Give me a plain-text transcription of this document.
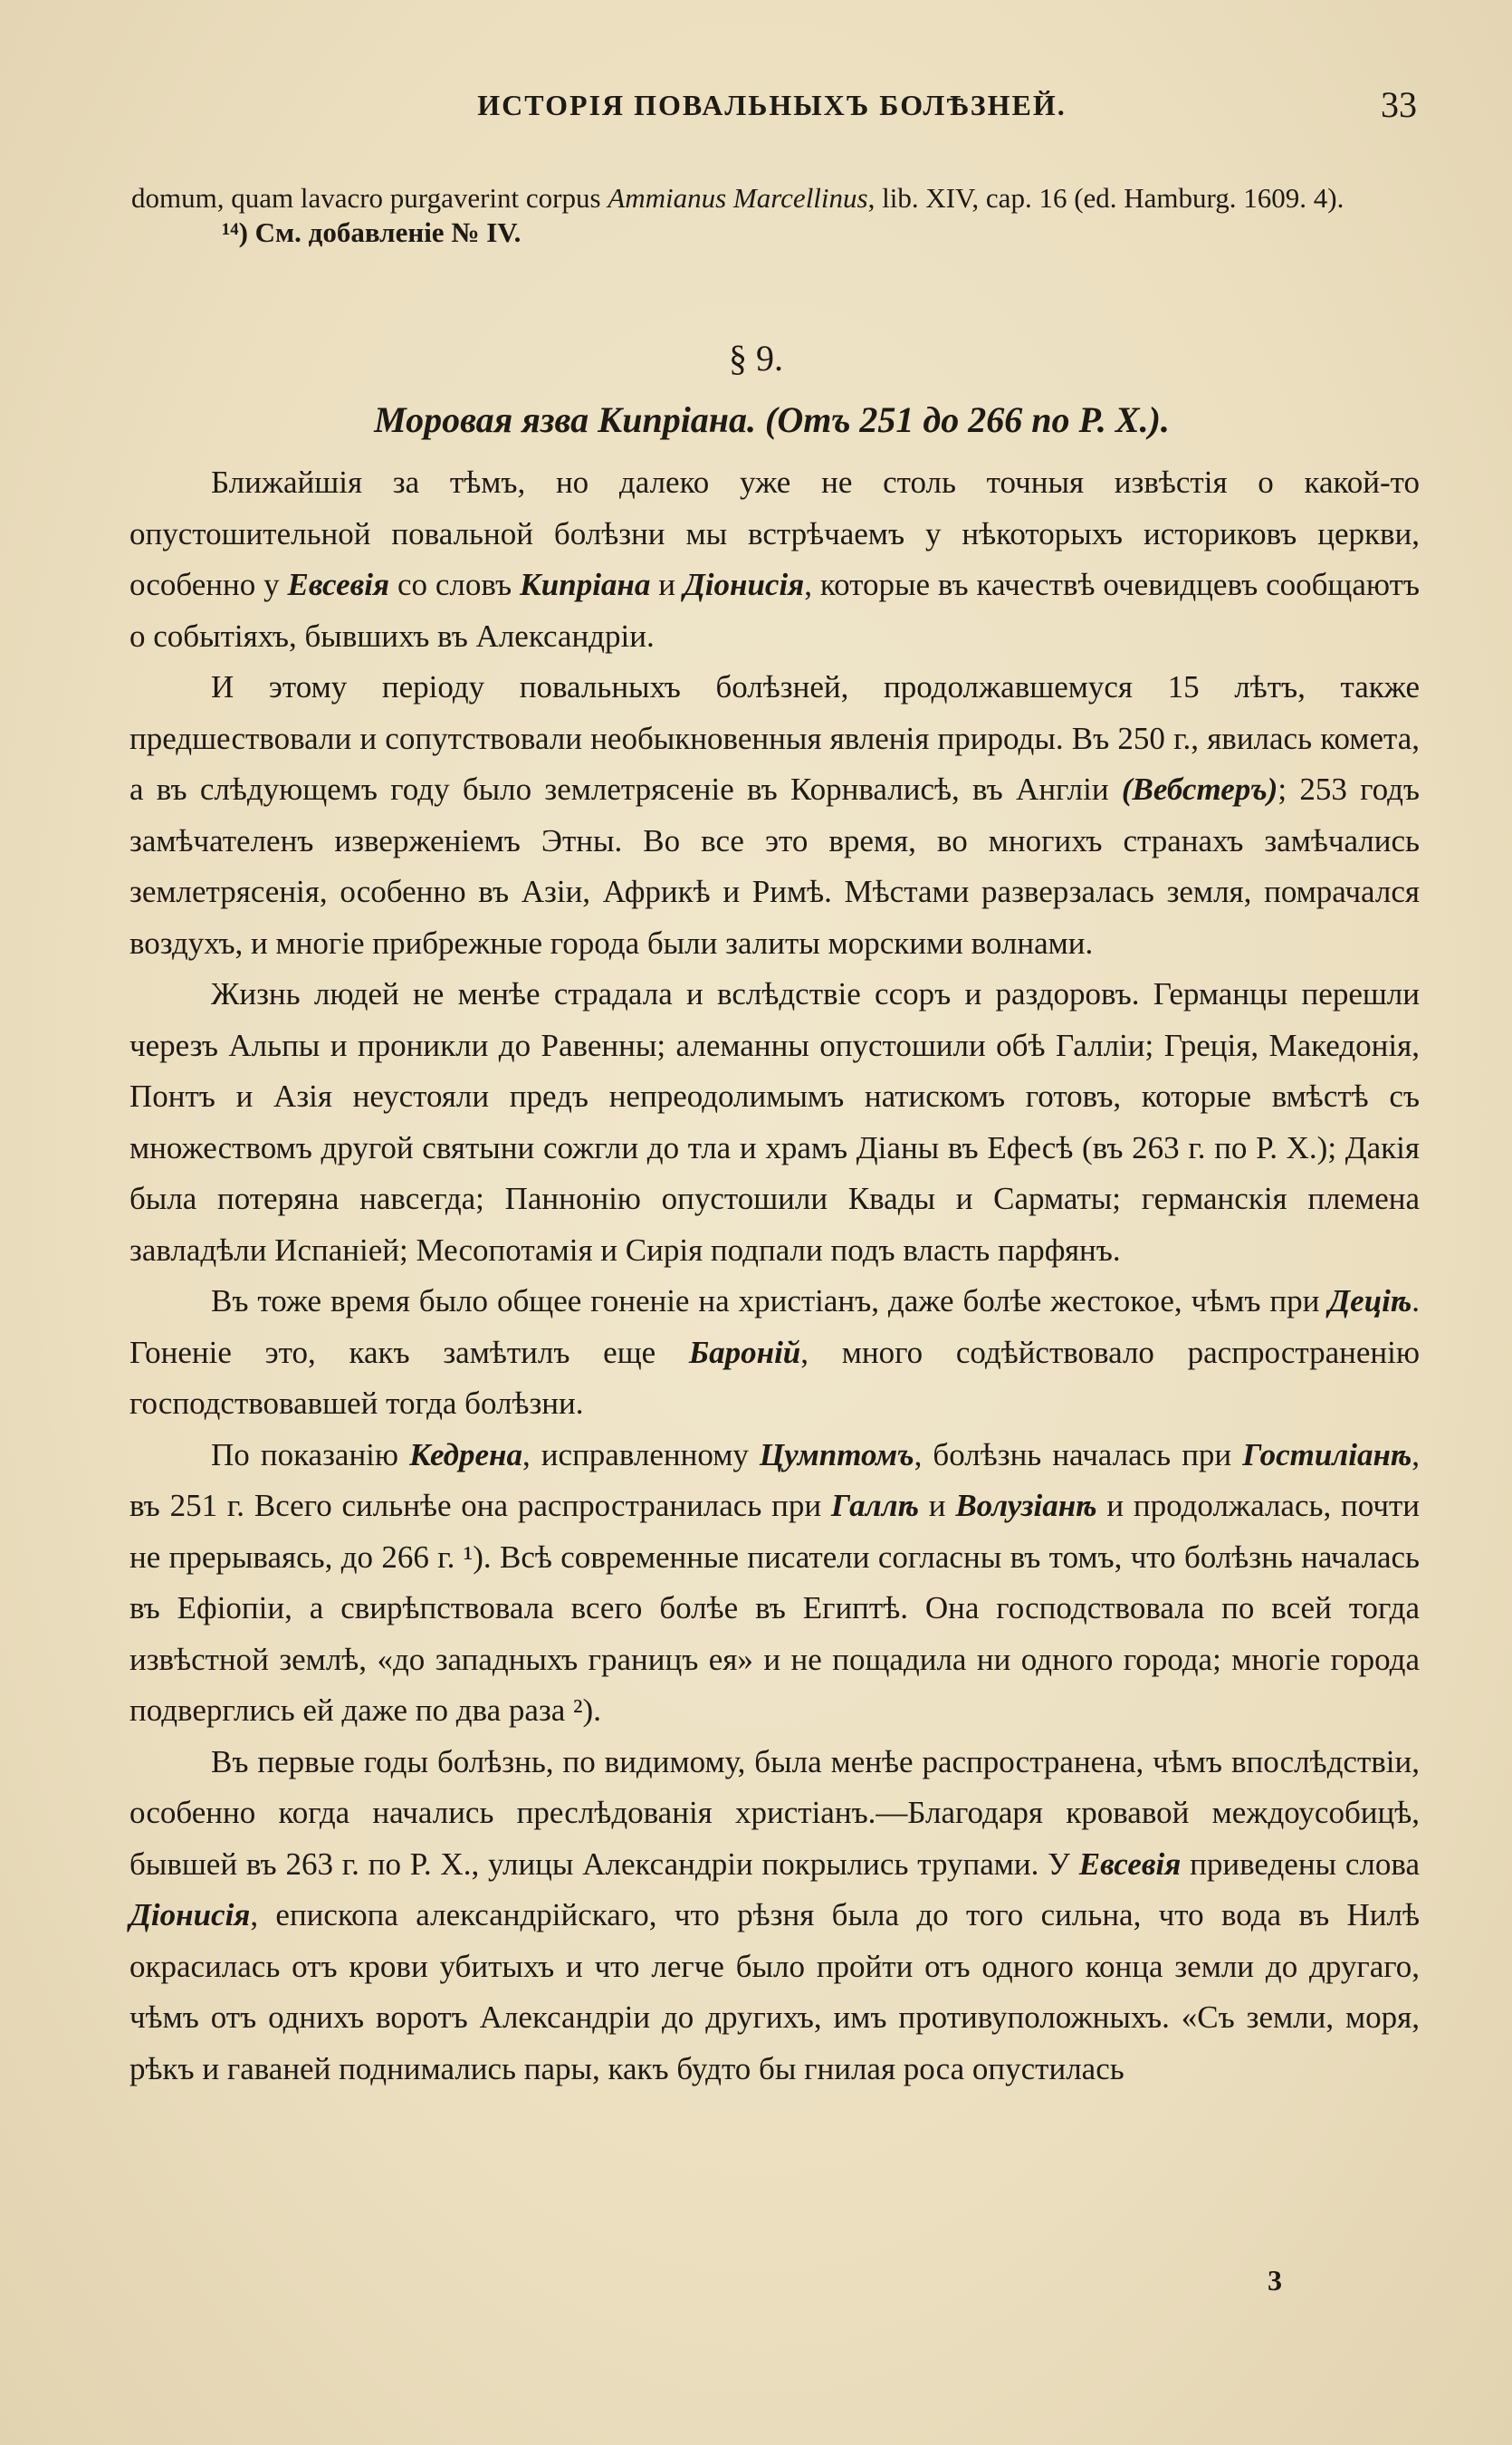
ИСТОРІЯ ПОВАЛЬНЫХЪ БОЛѢЗНЕЙ.	33

domum, quam lavacro purgaverint corpus Ammianus Marcellinus, lib. XIV, cap. 16 (ed. Hamburg. 1609. 4).

¹⁴) См. добавленіе № IV.

§ 9.
Моровая язва Кипріана. (Отъ 251 до 266 по Р. Х.).

Ближайшія за тѣмъ, но далеко уже не столь точныя извѣстія о какой-то опустошительной повальной болѣзни мы встрѣчаемъ у нѣкоторыхъ историковъ церкви, особенно у Евсевія со словъ Кипріана и Діонисія, которые въ качествѣ очевидцевъ сообщаютъ о событіяхъ, бывшихъ въ Александріи.

И этому періоду повальныхъ болѣзней, продолжавшемуся 15 лѣтъ, также предшествовали и сопутствовали необыкновенныя явленія природы. Въ 250 г., явилась комета, а въ слѣдующемъ году было землетрясеніе въ Корнвалисѣ, въ Англіи (Вебстеръ); 253 годъ замѣчателенъ изверженіемъ Этны. Во все это время, во многихъ странахъ замѣчались землетрясенія, особенно въ Азіи, Африкѣ и Римѣ. Мѣстами разверзалась земля, помрачался воздухъ, и многіе прибрежные города были залиты морскими волнами.

Жизнь людей не менѣе страдала и вслѣдствіе ссоръ и раздоровъ. Германцы перешли черезъ Альпы и проникли до Равенны; алеманны опустошили обѣ Галліи; Греція, Македонія, Понтъ и Азія неустояли предъ непреодолимымъ натискомъ готовъ, которые вмѣстѣ съ множествомъ другой святыни сожгли до тла и храмъ Діаны въ Ефесѣ (въ 263 г. по Р. Х.); Дакія была потеряна навсегда; Паннонію опустошили Квады и Сарматы; германскія племена завладѣли Испаніей; Месопотамія и Сирія подпали подъ власть парфянъ.

Въ тоже время было общее гоненіе на христіанъ, даже болѣе жестокое, чѣмъ при Деціѣ. Гоненіе это, какъ замѣтилъ еще Бароній, много содѣйствовало распространенію господствовавшей тогда болѣзни.

По показанію Кедрена, исправленному Цумптомъ, болѣзнь началась при Гостиліанѣ, въ 251 г. Всего сильнѣе она распространилась при Галлѣ и Волузіанѣ и продолжалась, почти не прерываясь, до 266 г. ¹). Всѣ современные писатели согласны въ томъ, что болѣзнь началась въ Ефіопіи, а свирѣпствовала всего болѣе въ Египтѣ. Она господствовала по всей тогда извѣстной землѣ, «до западныхъ границъ ея» и не пощадила ни одного города; многіе города подверглись ей даже по два раза ²).

Въ первые годы болѣзнь, по видимому, была менѣе распространена, чѣмъ впослѣдствіи, особенно когда начались преслѣдованія христіанъ.—Благодаря кровавой междоусобицѣ, бывшей въ 263 г. по Р. Х., улицы Александріи покрылись трупами. У Евсевія приведены слова Діонисія, епископа александрійскаго, что рѣзня была до того сильна, что вода въ Нилѣ окрасилась отъ крови убитыхъ и что легче было пройти отъ одного конца земли до другаго, чѣмъ отъ однихъ воротъ Александріи до другихъ, имъ противуположныхъ. «Съ земли, моря, рѣкъ и гаваней поднимались пары, какъ будто бы гнилая роса опустилась

3
